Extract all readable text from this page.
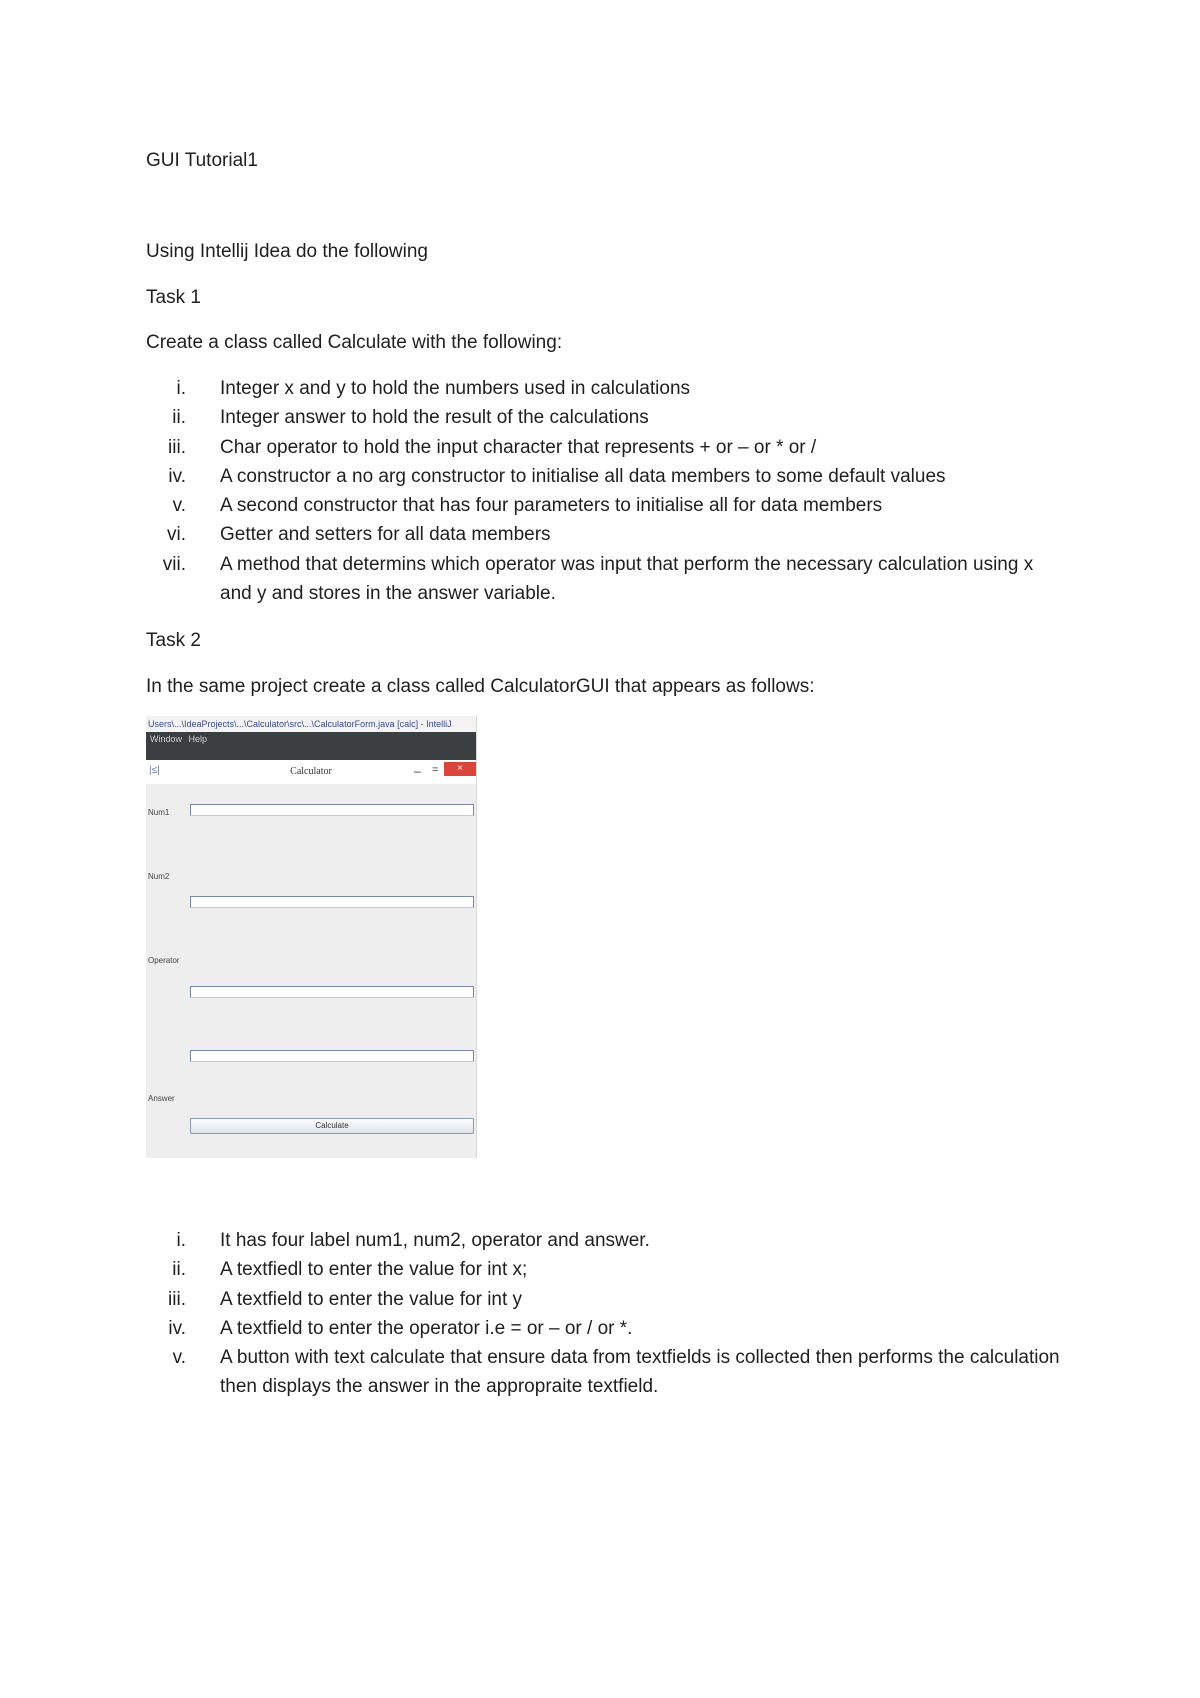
GUI Tutorial1
Using Intellij Idea do the following
Task 1
Create a class called Calculate with the following:
i. Integer x and y to hold the numbers used in calculations
ii. Integer answer to hold the result of the calculations
iii. Char operator to hold the input character that represents + or – or * or /
iv. A constructor a no arg constructor to initialise all data members to some default values
v. A second constructor that has four parameters to initialise all for data members
vi. Getter and setters for all data members
vii. A method that determins which operator was input that perform the necessary calculation using x and y and stores in the answer variable.
Task 2
In the same project create a class called CalculatorGUI that appears as follows:
Users\...\IdeaProjects\...\Calculator\src\...\CalculatorForm.java [calc] - IntelliJ
Window Help
|≤|	Calculator	– =	×
Num1
Num2
Operator
Answer
Calculate
i. It has four label num1, num2, operator and answer.
ii. A textfiedl to enter the value for int x;
iii. A textfield to enter the value for int y
iv. A textfield to enter the operator i.e = or – or / or *.
v. A button with text calculate that ensure data from textfields is collected then performs the calculation then displays the answer in the appropraite textfield.
